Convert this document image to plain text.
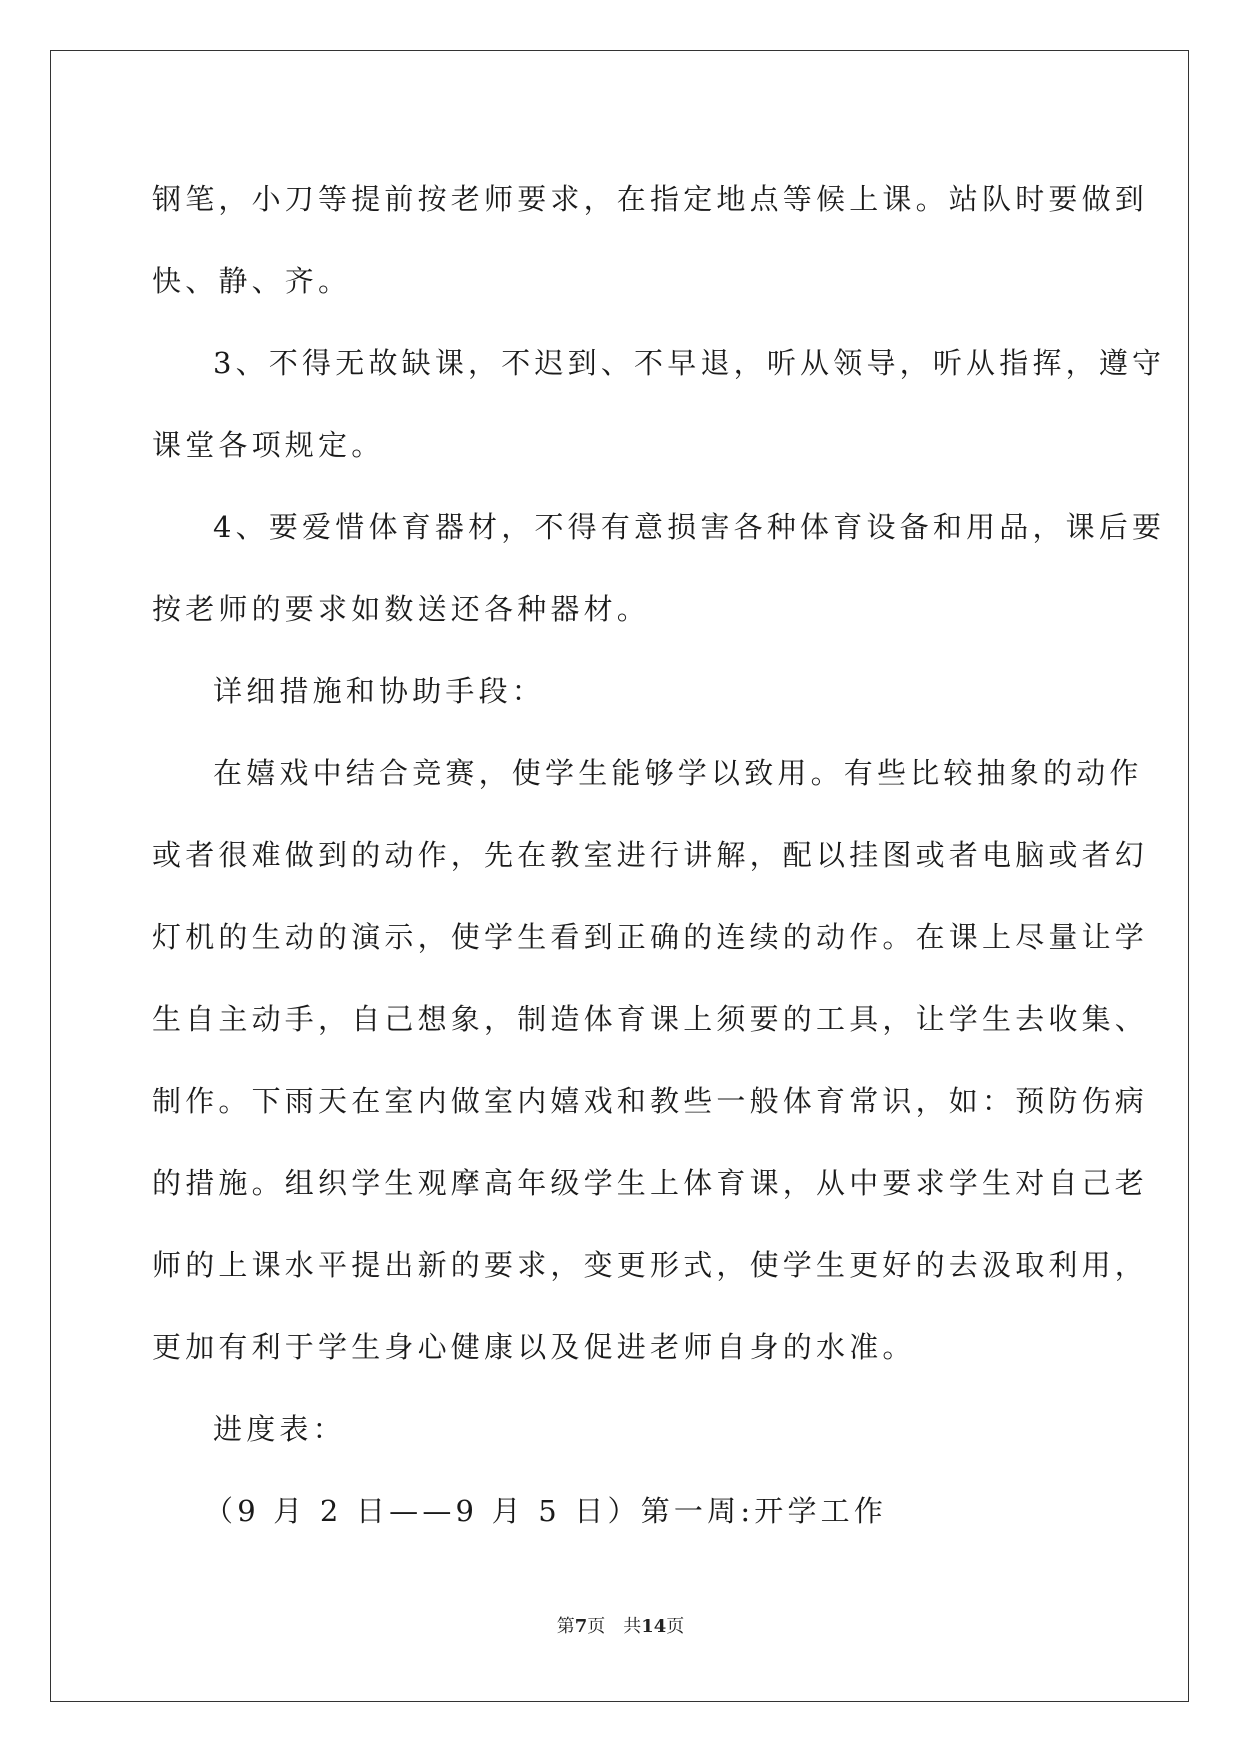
钢笔，小刀等提前按老师要求，在指定地点等候上课。站队时要做到

快、静、齐。

3、不得无故缺课，不迟到、不早退，听从领导，听从指挥，遵守

课堂各项规定。

4、要爱惜体育器材，不得有意损害各种体育设备和用品，课后要

按老师的要求如数送还各种器材。

详细措施和协助手段：

在嬉戏中结合竞赛，使学生能够学以致用。有些比较抽象的动作

或者很难做到的动作，先在教室进行讲解，配以挂图或者电脑或者幻

灯机的生动的演示，使学生看到正确的连续的动作。在课上尽量让学

生自主动手，自己想象，制造体育课上须要的工具，让学生去收集、

制作。下雨天在室内做室内嬉戏和教些一般体育常识，如：预防伤病

的措施。组织学生观摩高年级学生上体育课，从中要求学生对自己老

师的上课水平提出新的要求，变更形式，使学生更好的去汲取利用，

更加有利于学生身心健康以及促进老师自身的水准。

进度表：

（9 月 2 日——9 月 5 日）第一周:开学工作

第7页　共14页
